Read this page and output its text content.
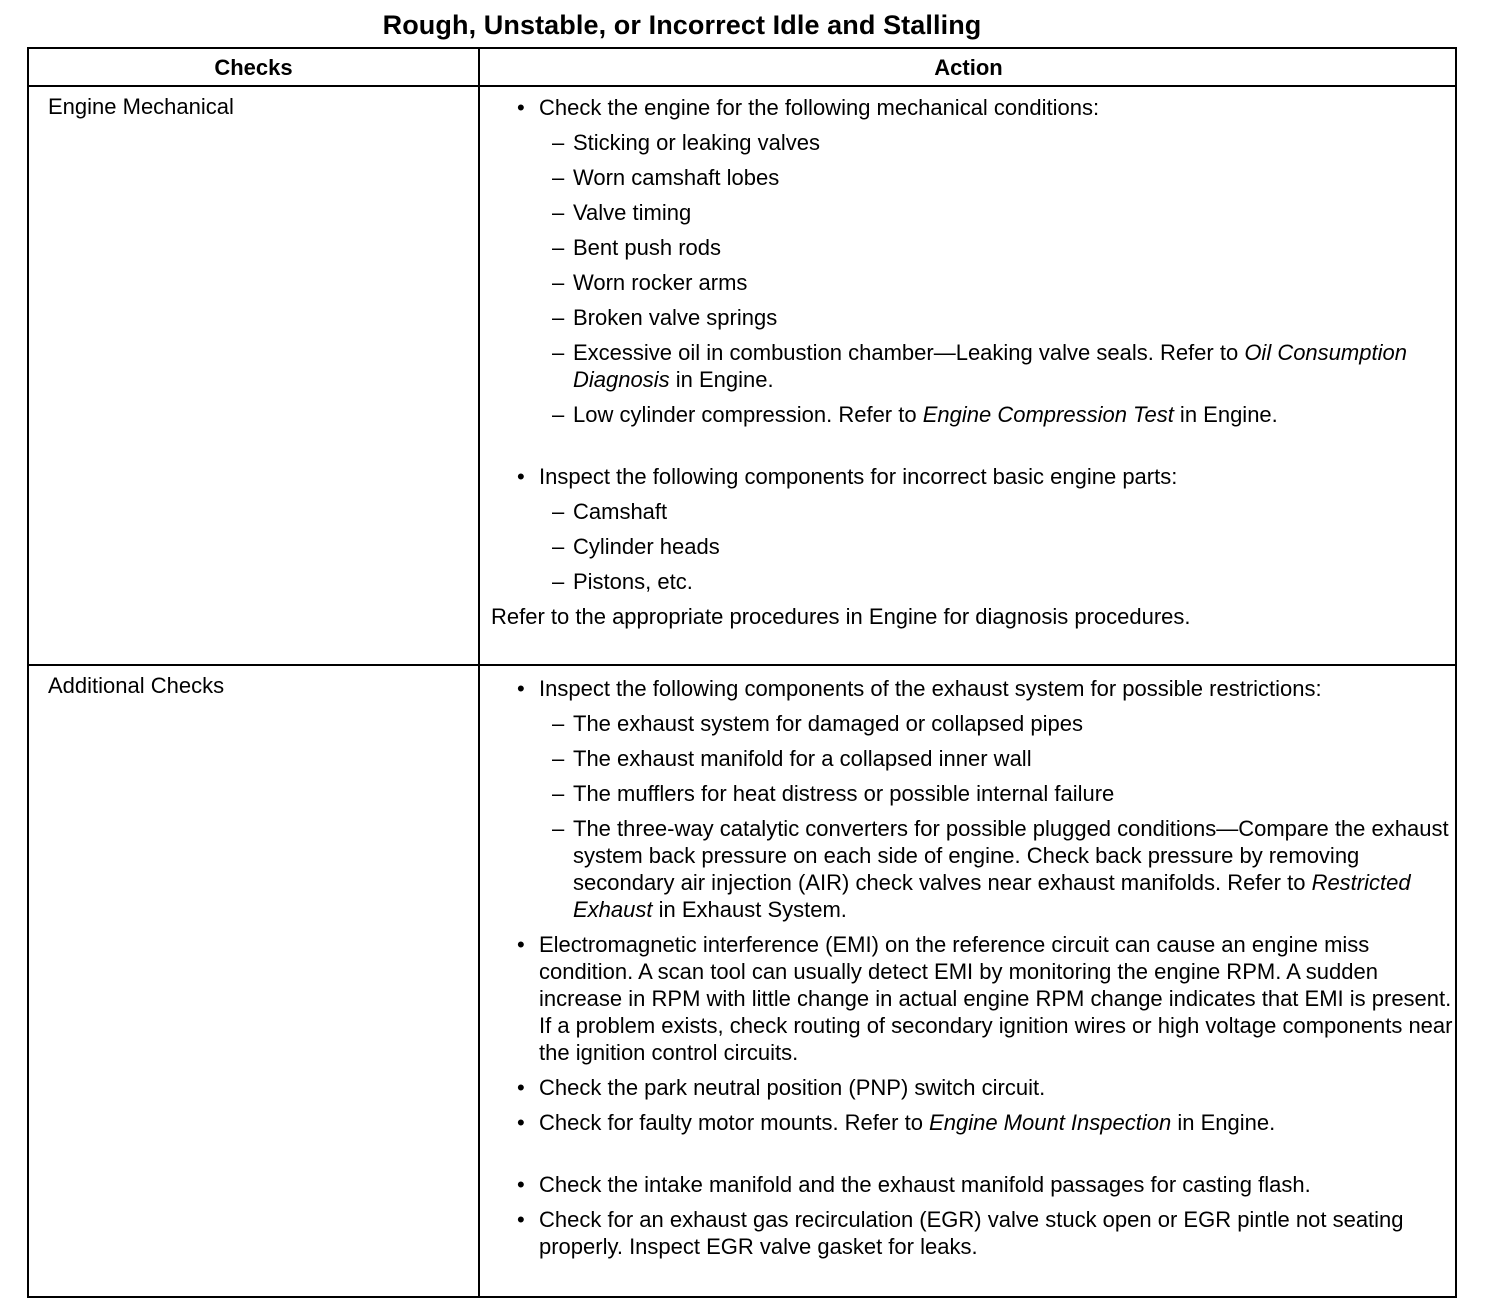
Rough, Unstable, or Incorrect Idle and Stalling
Checks	Action
Engine Mechanical	• Check the engine for the following mechanical conditions:
– Sticking or leaking valves
– Worn camshaft lobes
– Valve timing
– Bent push rods
– Worn rocker arms
– Broken valve springs
– Excessive oil in combustion chamber—Leaking valve seals. Refer to Oil Consumption Diagnosis in Engine.
– Low cylinder compression. Refer to Engine Compression Test in Engine.
• Inspect the following components for incorrect basic engine parts:
– Camshaft
– Cylinder heads
– Pistons, etc.
Refer to the appropriate procedures in Engine for diagnosis procedures.
Additional Checks	• Inspect the following components of the exhaust system for possible restrictions:
– The exhaust system for damaged or collapsed pipes
– The exhaust manifold for a collapsed inner wall
– The mufflers for heat distress or possible internal failure
– The three-way catalytic converters for possible plugged conditions—Compare the exhaust system back pressure on each side of engine. Check back pressure by removing secondary air injection (AIR) check valves near exhaust manifolds. Refer to Restricted Exhaust in Exhaust System.
• Electromagnetic interference (EMI) on the reference circuit can cause an engine miss condition. A scan tool can usually detect EMI by monitoring the engine RPM. A sudden increase in RPM with little change in actual engine RPM change indicates that EMI is present. If a problem exists, check routing of secondary ignition wires or high voltage components near the ignition control circuits.
• Check the park neutral position (PNP) switch circuit.
• Check for faulty motor mounts. Refer to Engine Mount Inspection in Engine.
• Check the intake manifold and the exhaust manifold passages for casting flash.
• Check for an exhaust gas recirculation (EGR) valve stuck open or EGR pintle not seating properly. Inspect EGR valve gasket for leaks.
